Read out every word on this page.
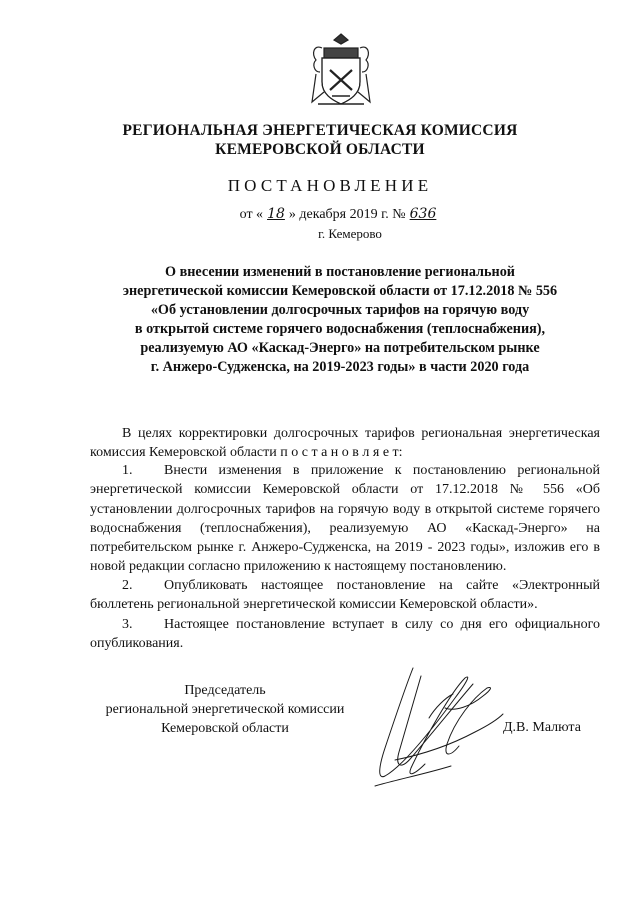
РЕГИОНАЛЬНАЯ ЭНЕРГЕТИЧЕСКАЯ КОМИССИЯ
КЕМЕРОВСКОЙ ОБЛАСТИ
ПОСТАНОВЛЕНИЕ
от « 18 » декабря 2019 г. № 636
г. Кемерово
О внесении изменений в постановление региональной
энергетической комиссии Кемеровской области от 17.12.2018 № 556
«Об установлении долгосрочных тарифов на горячую воду
в открытой системе горячего водоснабжения (теплоснабжения),
реализуемую АО «Каскад-Энерго» на потребительском рынке
г. Анжеро-Судженска, на 2019-2023 годы» в части 2020 года
В целях корректировки долгосрочных тарифов региональная энергетическая комиссия Кемеровской области п о с т а н о в л я е т:
1. Внести изменения в приложение к постановлению региональной энергетической комиссии Кемеровской области от 17.12.2018 № 556 «Об установлении долгосрочных тарифов на горячую воду в открытой системе горячего водоснабжения (теплоснабжения), реализуемую АО «Каскад-Энерго» на потребительском рынке г. Анжеро-Судженска, на 2019 - 2023 годы», изложив его в новой редакции согласно приложению к настоящему постановлению.
2. Опубликовать настоящее постановление на сайте «Электронный бюллетень региональной энергетической комиссии Кемеровской области».
3. Настоящее постановление вступает в силу со дня его официального опубликования.
Председатель
региональной энергетической комиссии
Кемеровской области	Д.В. Малюта
